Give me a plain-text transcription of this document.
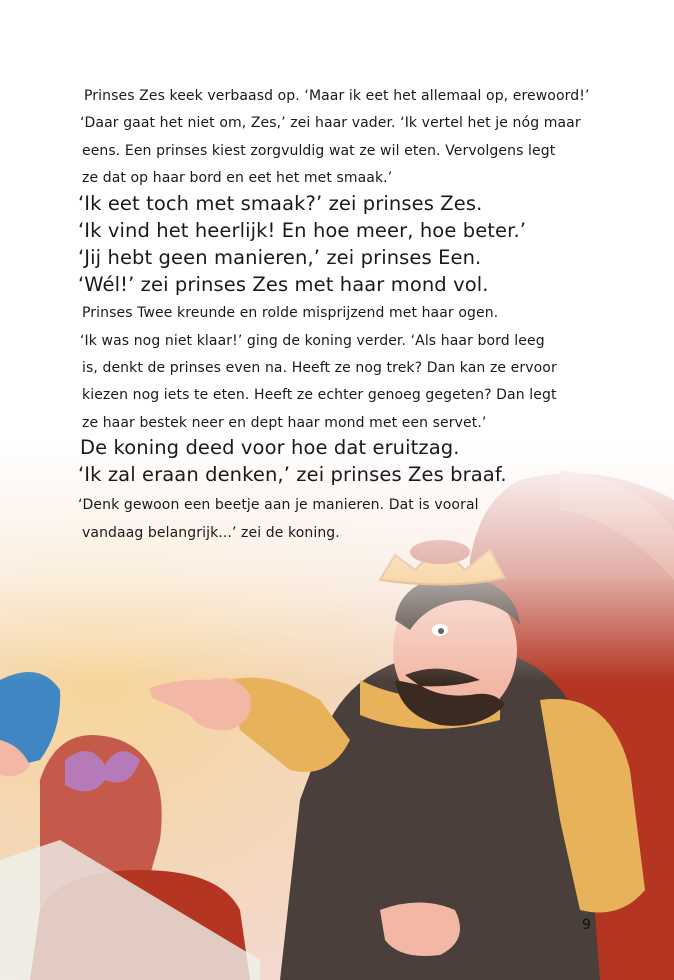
Prinses Zes keek verbaasd op. ‘Maar ik eet het allemaal op, erewoord!’
‘Daar gaat het niet om, Zes,’ zei haar vader. ‘Ik vertel het je nóg maar
eens. Een prinses kiest zorgvuldig wat ze wil eten. Vervolgens legt
ze dat op haar bord en eet het met smaak.’
‘Ik eet toch met smaak?’ zei prinses Zes.
‘Ik vind het heerlijk! En hoe meer, hoe beter.’
‘Jij hebt geen manieren,’ zei prinses Een.
‘Wél!’ zei prinses Zes met haar mond vol.
Prinses Twee kreunde en rolde misprijzend met haar ogen.
‘Ik was nog niet klaar!’ ging de koning verder. ‘Als haar bord leeg
is, denkt de prinses even na. Heeft ze nog trek? Dan kan ze ervoor
kiezen nog iets te eten. Heeft ze echter genoeg gegeten? Dan legt
ze haar bestek neer en dept haar mond met een servet.’
De koning deed voor hoe dat eruitzag.
‘Ik zal eraan denken,’ zei prinses Zes braaf.
‘Denk gewoon een beetje aan je manieren. Dat is vooral
vandaag belangrijk...’ zei de koning.
9
